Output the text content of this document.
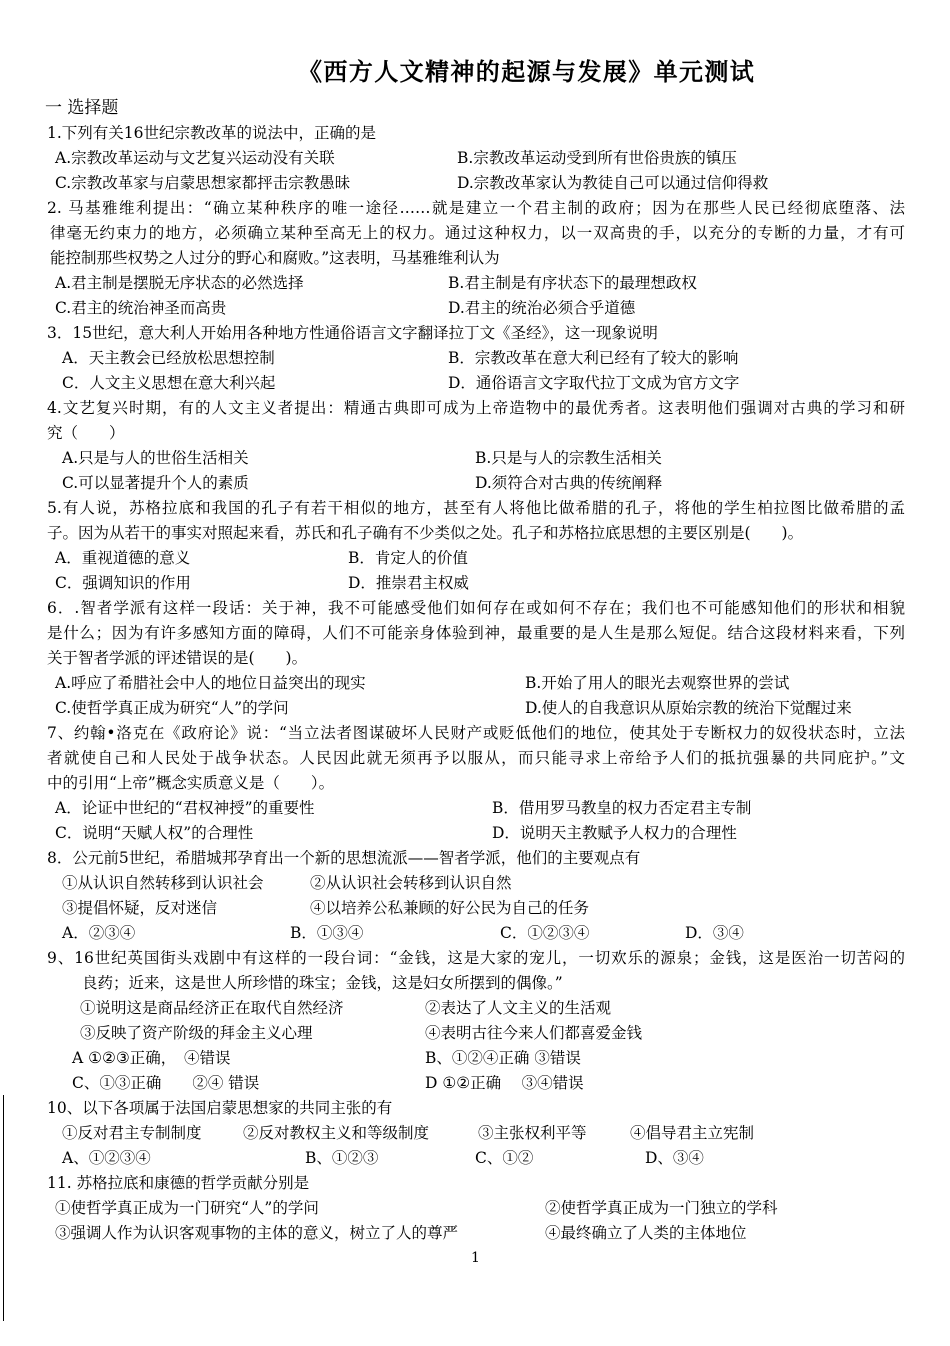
《西方人文精神的起源与发展》单元测试
一 选择题
1.下列有关16世纪宗教改革的说法中，正确的是
A.宗教改革运动与文艺复兴运动没有关联	B.宗教改革运动受到所有世俗贵族的镇压
C.宗教改革家与启蒙思想家都抨击宗教愚昧	D.宗教改革家认为教徒自己可以通过信仰得救
2. 马基雅维利提出：“确立某种秩序的唯一途径……就是建立一个君主制的政府；因为在那些人民已经彻底堕落、法
律毫无约束力的地方，必须确立某种至高无上的权力。通过这种权力，以一双高贵的手，以充分的专断的力量，才有可
能控制那些权势之人过分的野心和腐败。”这表明，马基雅维利认为
A.君主制是摆脱无序状态的必然选择	B.君主制是有序状态下的最理想政权
C.君主的统治神圣而高贵	D.君主的统治必须合乎道德
3．15世纪，意大利人开始用各种地方性通俗语言文字翻译拉丁文《圣经》，这一现象说明
A．天主教会已经放松思想控制	B．宗教改革在意大利已经有了较大的影响
C．人文主义思想在意大利兴起	D．通俗语言文字取代拉丁文成为官方文字
4.文艺复兴时期，有的人文主义者提出：精通古典即可成为上帝造物中的最优秀者。这表明他们强调对古典的学习和研
究（　　）
A.只是与人的世俗生活相关	B.只是与人的宗教生活相关
C.可以显著提升个人的素质	D.须符合对古典的传统阐释
5.有人说，苏格拉底和我国的孔子有若干相似的地方，甚至有人将他比做希腊的孔子，将他的学生柏拉图比做希腊的孟
子。因为从若干的事实对照起来看，苏氏和孔子确有不少类似之处。孔子和苏格拉底思想的主要区别是(　　)。
A．重视道德的意义	B．肯定人的价值
C．强调知识的作用	D．推崇君主权威
6．.智者学派有这样一段话：关于神，我不可能感受他们如何存在或如何不存在；我们也不可能感知他们的形状和相貌
是什么；因为有许多感知方面的障碍，人们不可能亲身体验到神，最重要的是人生是那么短促。结合这段材料来看，下列
关于智者学派的评述错误的是(　　)。
A.呼应了希腊社会中人的地位日益突出的现实	B.开始了用人的眼光去观察世界的尝试
C.使哲学真正成为研究“人”的学问	D.使人的自我意识从原始宗教的统治下觉醒过来
7、约翰•洛克在《政府论》说：“当立法者图谋破坏人民财产或贬低他们的地位，使其处于专断权力的奴役状态时，立法
者就使自己和人民处于战争状态。人民因此就无须再予以服从，而只能寻求上帝给予人们的抵抗强暴的共同庇护。”文
中的引用“上帝”概念实质意义是（　　）。
A．论证中世纪的“君权神授”的重要性	B．借用罗马教皇的权力否定君主专制
C．说明“天赋人权”的合理性	D．说明天主教赋予人权力的合理性
8．公元前5世纪，希腊城邦孕育出一个新的思想流派——智者学派，他们的主要观点有
①从认识自然转移到认识社会	②从认识社会转移到认识自然
③提倡怀疑，反对迷信	④以培养公私兼顾的好公民为自己的任务
A．②③④	B．①③④	C．①②③④	D．③④
9、16世纪英国街头戏剧中有这样的一段台词：“金钱，这是大家的宠儿，一切欢乐的源泉；金钱，这是医治一切苦闷的
良药；近来，这是世人所珍惜的珠宝；金钱，这是妇女所摆到的偶像。”
①说明这是商品经济正在取代自然经济	②表达了人文主义的生活观
③反映了资产阶级的拜金主义心理	④表明古往今来人们都喜爱金钱
A ①②③正确，　④错误	B、①②④正确 ③错误
C、①③正确　　②④ 错误	D ①②正确　 ③④错误
10、以下各项属于法国启蒙思想家的共同主张的有
①反对君主专制制度	②反对教权主义和等级制度	③主张权利平等	④倡导君主立宪制
A、①②③④	B、①②③	C、①②	D、③④
11. 苏格拉底和康德的哲学贡献分别是
①使哲学真正成为一门研究“人”的学问	②使哲学真正成为一门独立的学科
③强调人作为认识客观事物的主体的意义，树立了人的尊严	④最终确立了人类的主体地位
1
